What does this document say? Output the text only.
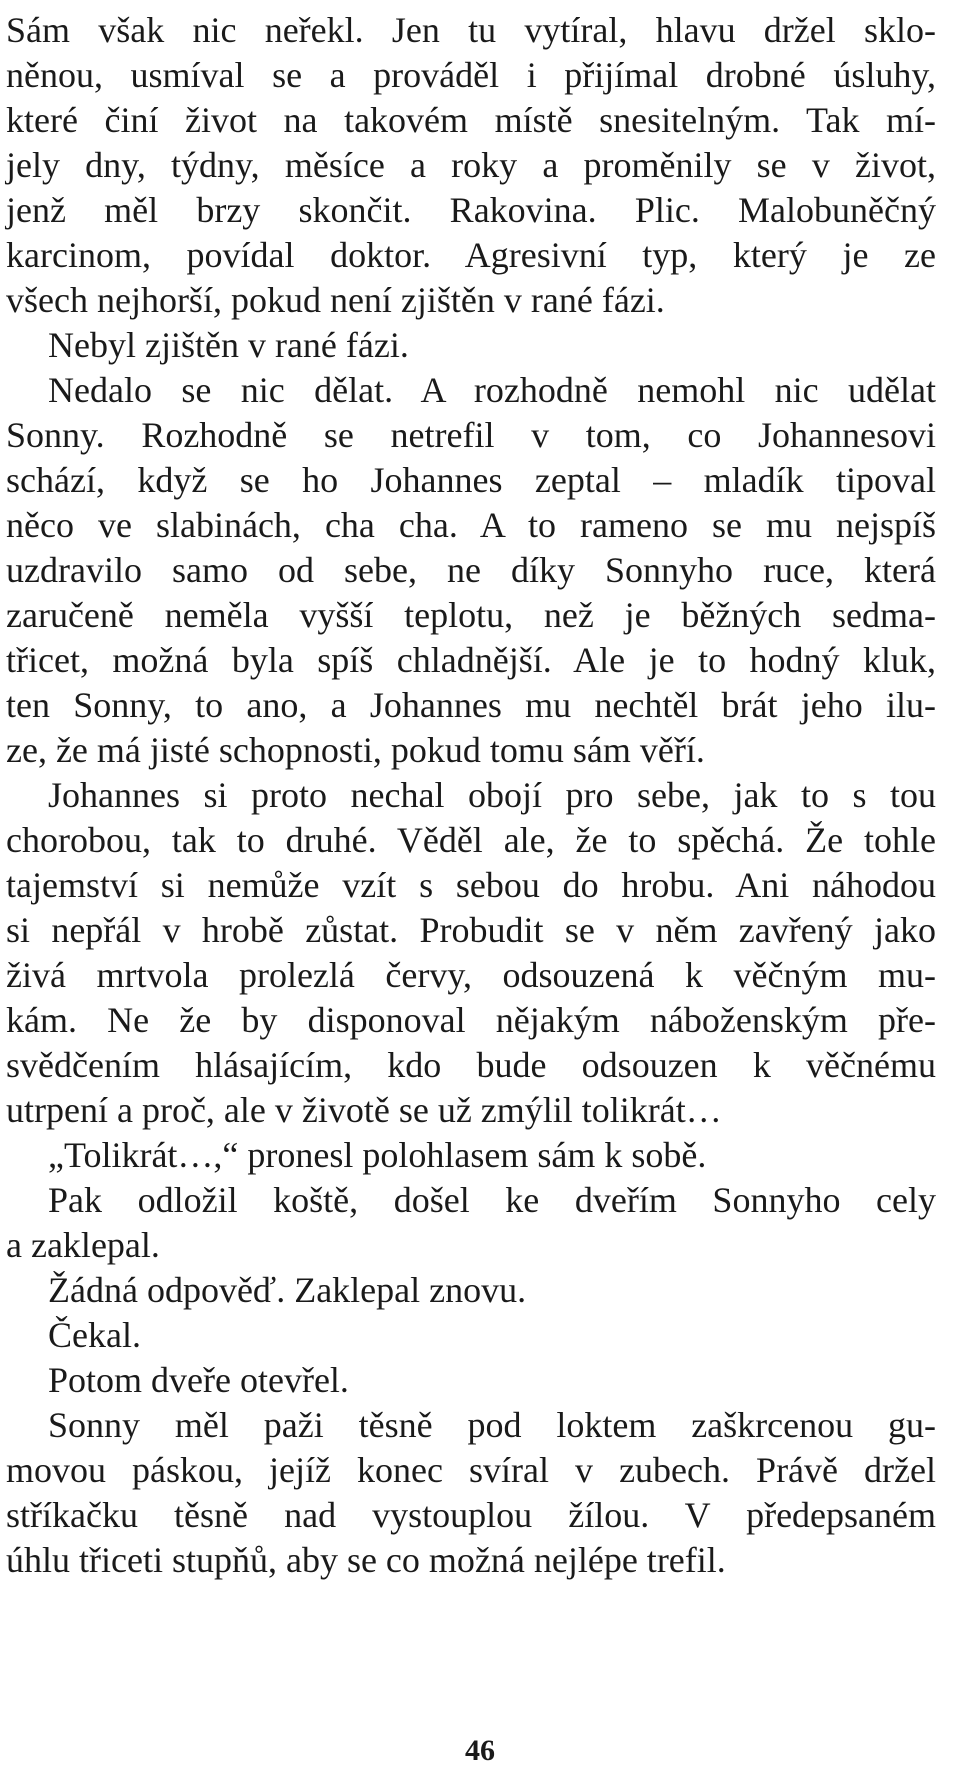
Sám však nic neřekl. Jen tu vytíral, hlavu držel sklo-
něnou, usmíval se a prováděl i přijímal drobné úsluhy,
které činí život na takovém místě snesitelným. Tak mí-
jely dny, týdny, měsíce a roky a proměnily se v život,
jenž měl brzy skončit. Rakovina. Plic. Malobuněčný
karcinom, povídal doktor. Agresivní typ, který je ze
všech nejhorší, pokud není zjištěn v rané fázi.
Nebyl zjištěn v rané fázi.
Nedalo se nic dělat. A rozhodně nemohl nic udělat
Sonny. Rozhodně se netrefil v tom, co Johannesovi
schází, když se ho Johannes zeptal – mladík tipoval
něco ve slabinách, cha cha. A to rameno se mu nejspíš
uzdravilo samo od sebe, ne díky Sonnyho ruce, která
zaručeně neměla vyšší teplotu, než je běžných sedma-
třicet, možná byla spíš chladnější. Ale je to hodný kluk,
ten Sonny, to ano, a Johannes mu nechtěl brát jeho ilu-
ze, že má jisté schopnosti, pokud tomu sám věří.
Johannes si proto nechal obojí pro sebe, jak to s tou
chorobou, tak to druhé. Věděl ale, že to spěchá. Že tohle
tajemství si nemůže vzít s sebou do hrobu. Ani náhodou
si nepřál v hrobě zůstat. Probudit se v něm zavřený jako
živá mrtvola prolezlá červy, odsouzená k věčným mu-
kám. Ne že by disponoval nějakým náboženským pře-
svědčením hlásajícím, kdo bude odsouzen k věčnému
utrpení a proč, ale v životě se už zmýlil tolikrát…
„Tolikrát…,“ pronesl polohlasem sám k sobě.
Pak odložil koště, došel ke dveřím Sonnyho cely
a zaklepal.
Žádná odpověď. Zaklepal znovu.
Čekal.
Potom dveře otevřel.
Sonny měl paži těsně pod loktem zaškrcenou gu-
movou páskou, jejíž konec svíral v zubech. Právě držel
stříkačku těsně nad vystouplou žílou. V předepsaném
úhlu třiceti stupňů, aby se co možná nejlépe trefil.
46
